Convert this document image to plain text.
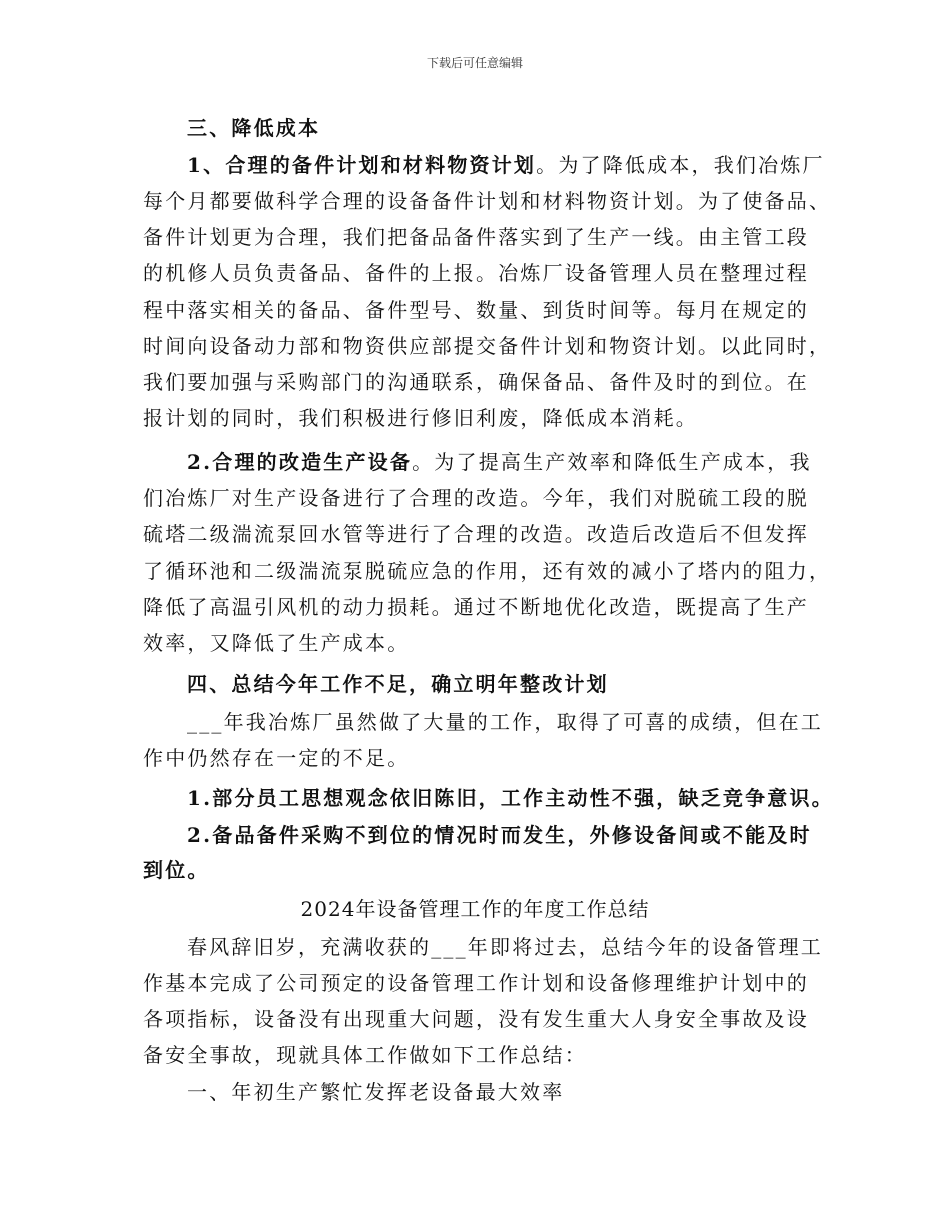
下载后可任意编辑
三、降低成本
1、合理的备件计划和材料物资计划。为了降低成本，我们冶炼厂
每个月都要做科学合理的设备备件计划和材料物资计划。为了使备品、
备件计划更为合理，我们把备品备件落实到了生产一线。由主管工段
的机修人员负责备品、备件的上报。冶炼厂设备管理人员在整理过程
程中落实相关的备品、备件型号、数量、到货时间等。每月在规定的
时间向设备动力部和物资供应部提交备件计划和物资计划。以此同时，
我们要加强与采购部门的沟通联系，确保备品、备件及时的到位。在
报计划的同时，我们积极进行修旧利废，降低成本消耗。
2.合理的改造生产设备。为了提高生产效率和降低生产成本，我
们冶炼厂对生产设备进行了合理的改造。今年，我们对脱硫工段的脱
硫塔二级湍流泵回水管等进行了合理的改造。改造后改造后不但发挥
了循环池和二级湍流泵脱硫应急的作用，还有效的减小了塔内的阻力，
降低了高温引风机的动力损耗。通过不断地优化改造，既提高了生产
效率，又降低了生产成本。
四、总结今年工作不足，确立明年整改计划
___年我冶炼厂虽然做了大量的工作，取得了可喜的成绩，但在工
作中仍然存在一定的不足。
1.部分员工思想观念依旧陈旧，工作主动性不强，缺乏竞争意识。
2.备品备件采购不到位的情况时而发生，外修设备间或不能及时
到位。
2024年设备管理工作的年度工作总结
春风辞旧岁，充满收获的___年即将过去，总结今年的设备管理工
作基本完成了公司预定的设备管理工作计划和设备修理维护计划中的
各项指标，设备没有出现重大问题，没有发生重大人身安全事故及设
备安全事故，现就具体工作做如下工作总结：
一、年初生产繁忙发挥老设备最大效率
